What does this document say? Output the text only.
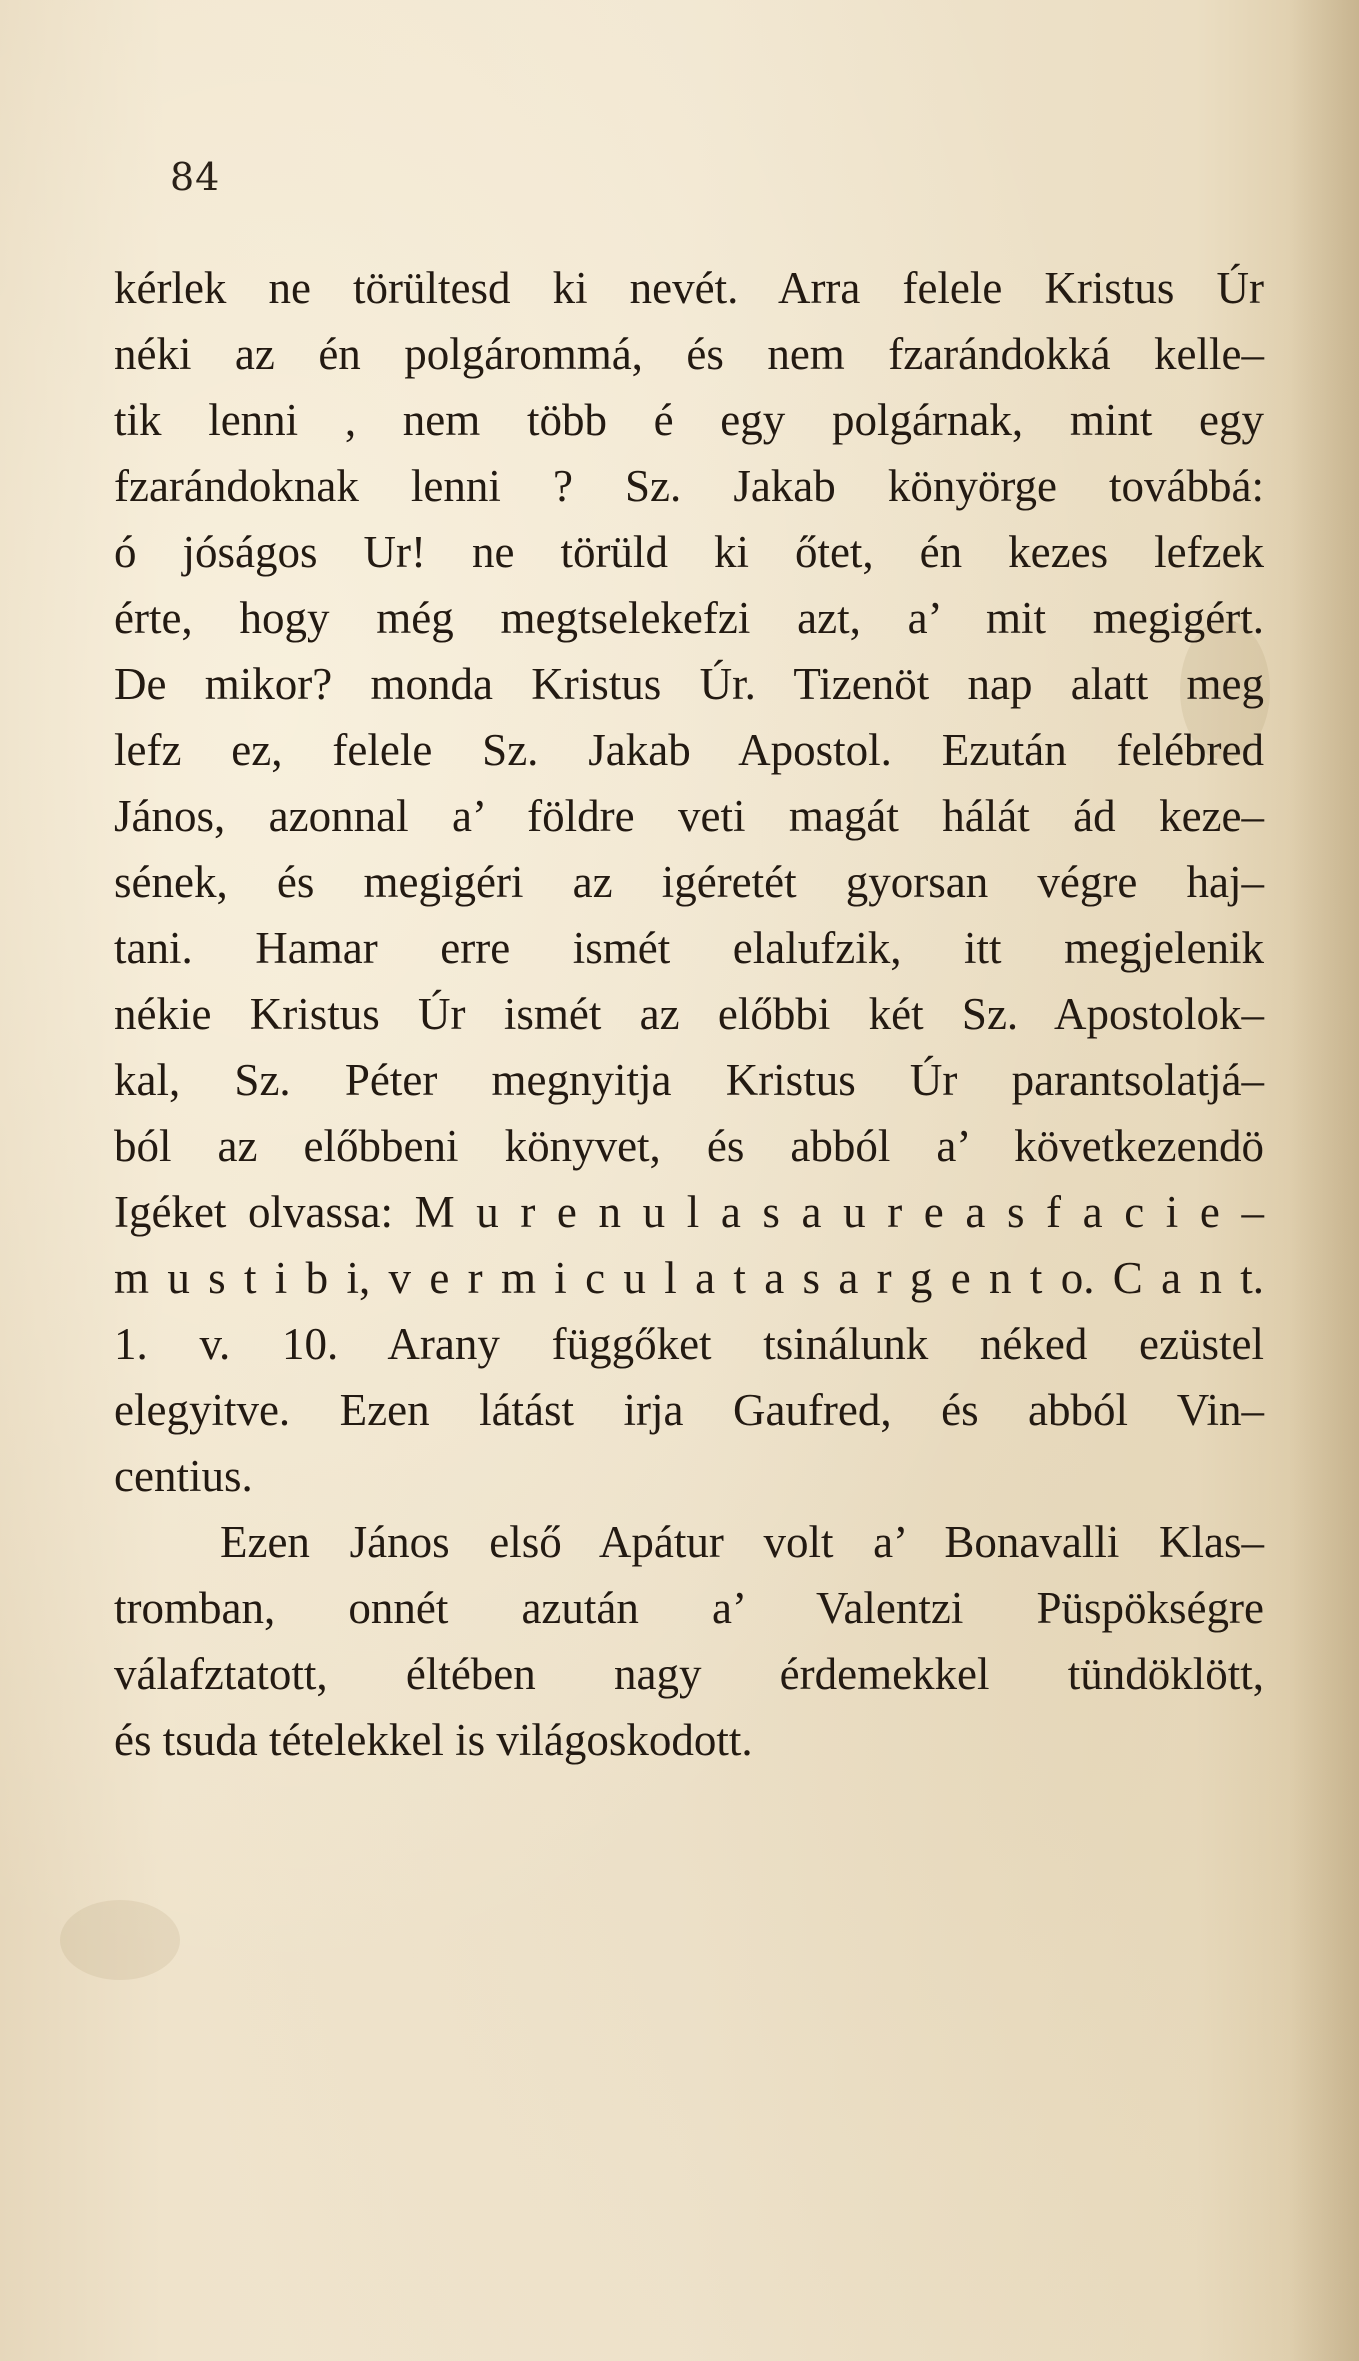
84
kérlek ne törültesd ki nevét. Arra felele Kristus Úr
néki az én polgárommá, és nem fzarándokká kelle–
tik lenni , nem több é egy polgárnak, mint egy
fzarándoknak lenni ? Sz. Jakab könyörge továbbá:
ó jóságos Ur! ne törüld ki őtet, én kezes lefzek
érte, hogy még megtselekefzi azt, a’ mit megigért.
De mikor? monda Kristus Úr. Tizenöt nap alatt meg
lefz ez, felele Sz. Jakab Apostol. Ezután felébred
János, azonnal a’ földre veti magát hálát ád keze–
sének, és megigéri az igéretét gyorsan végre haj–
tani. Hamar erre ismét elalufzik, itt megjelenik
nékie Kristus Úr ismét az előbbi két Sz. Apostolok–
kal, Sz. Péter megnyitja Kristus Úr parantsolatjá–
ból az előbbeni könyvet, és abból a’ következendö
Igéket olvassa: M u r e n u l a s a u r e a s f a c i e –
m u s t i b i, v e r m i c u l a t a s a r g e n t o. C a n t.
1. v. 10. Arany függőket tsinálunk néked ezüstel
elegyitve. Ezen látást irja Gaufred, és abból Vin–
centius.
Ezen János első Apátur volt a’ Bonavalli Klas–
tromban, onnét azután a’ Valentzi Püspökségre
válafztatott, éltében nagy érdemekkel tündöklött,
és tsuda tételekkel is világoskodott.
